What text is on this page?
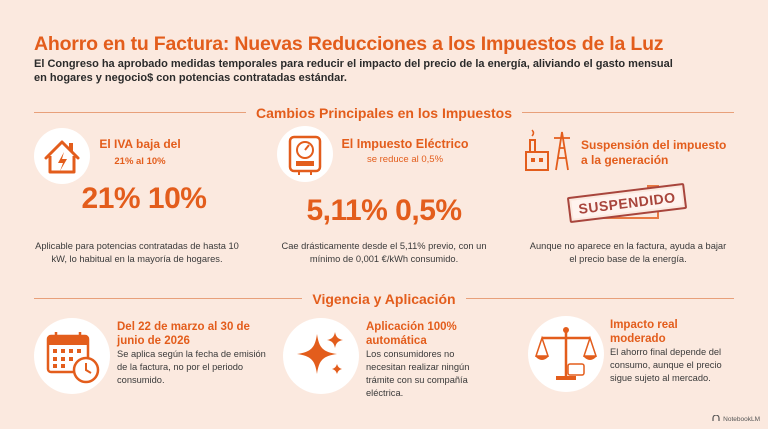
Ahorro en tu Factura: Nuevas Reducciones a los Impuestos de la Luz
El Congreso ha aprobado medidas temporales para reducir el impacto del precio de la energía, aliviando el gasto mensual en hogares y negocio$ con potencias contratadas estándar.
Cambios Principales en los Impuestos
El IVA baja del
21% al 10%
21% 10%
Aplicable para potencias contratadas de hasta 10 kW, lo habitual en la mayoría de hogares.
El Impuesto Eléctrico
se reduce al 0,5%
5,11% 0,5%
Cae drásticamente desde el 5,11% previo, con un mínimo de 0,001 €/kWh consumido.
Suspensión del impuesto a la generación
SUSPENDIDO
Aunque no aparece en la factura, ayuda a bajar el precio base de la energía.
Vigencia y Aplicación
Del 22 de marzo al 30 de junio de 2026
Se aplica según la fecha de emisión de la factura, no por el periodo consumido.
Aplicación 100% automática
Los consumidores no necesitan realizar ningún trámite con su compañía eléctrica.
Impacto real moderado
El ahorro final depende del consumo, aunque el precio sigue sujeto al mercado.
NotebookLM
